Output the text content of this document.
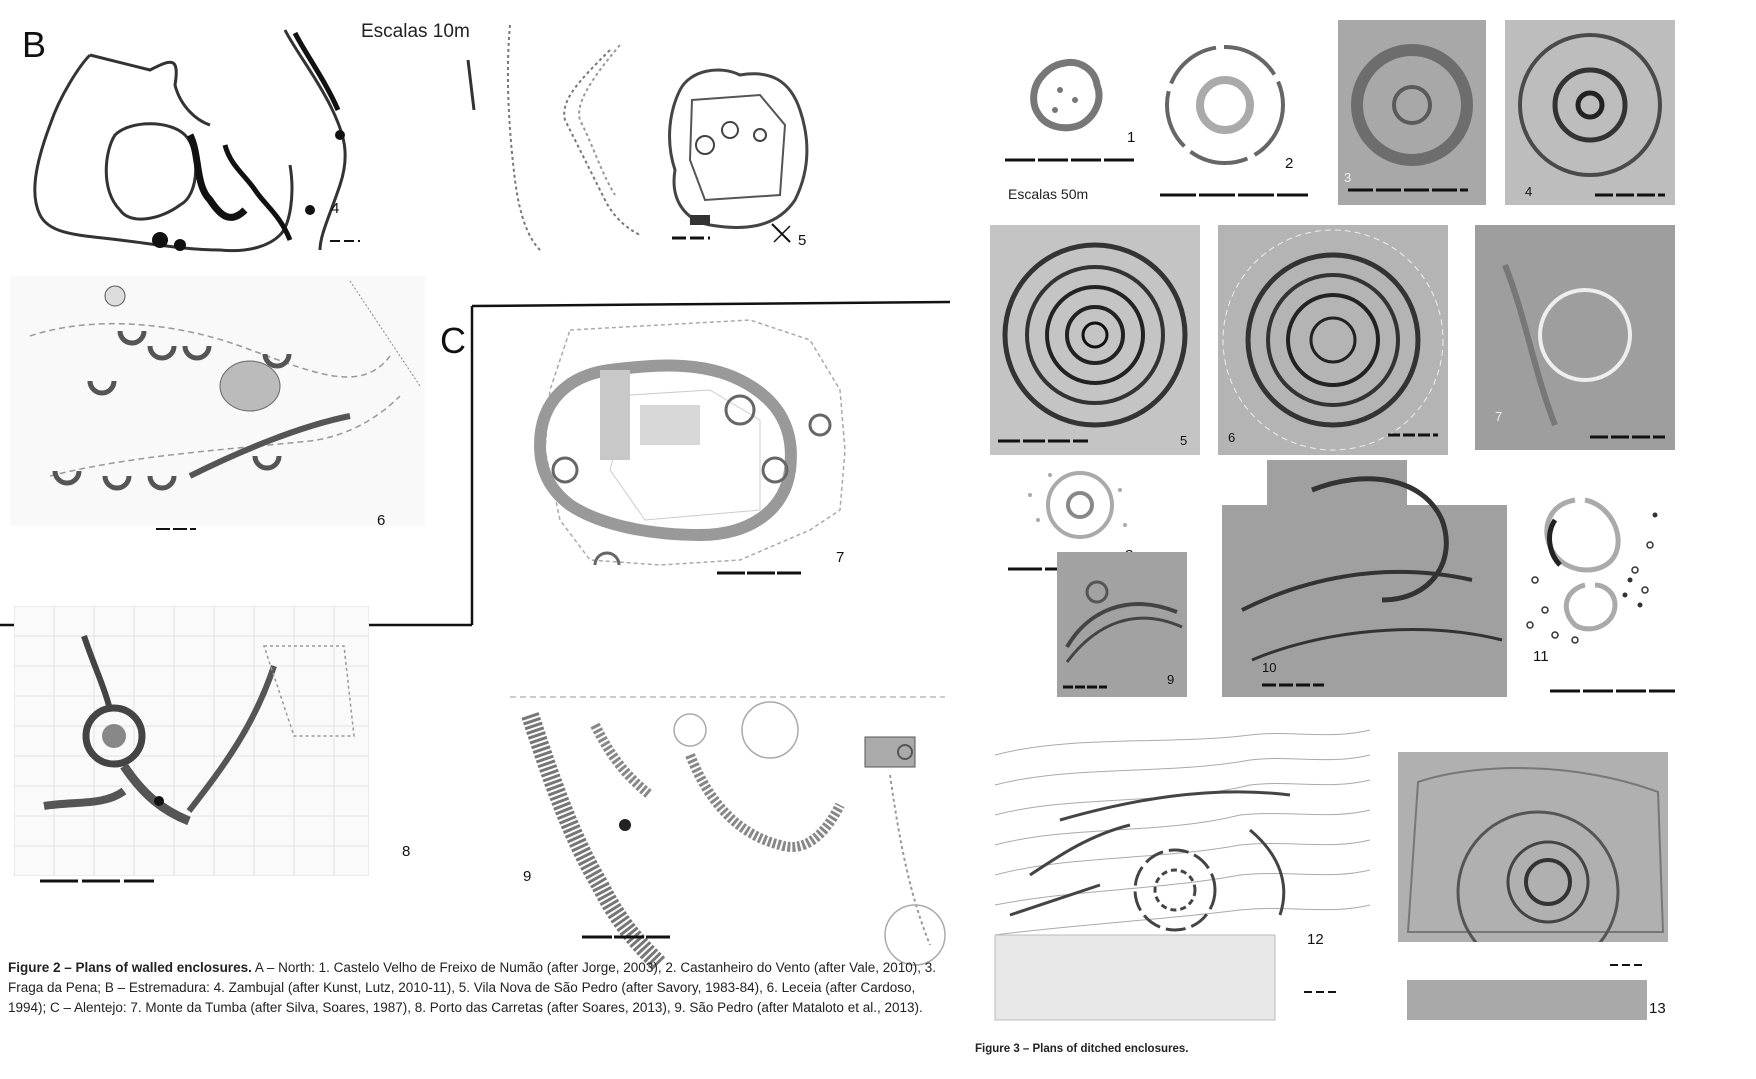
B	Escalas 10m
4
5
6
C
7
8
9
Figure 2 – Plans of walled enclosures. A – North: 1. Castelo Velho de Freixo de Numão (after Jorge, 2003), 2. Castanheiro do Vento (after Vale, 2010), 3. Fraga da Pena; B – Estremadura: 4. Zambujal (after Kunst, Lutz, 2010-11), 5. Vila Nova de São Pedro (after Savory, 1983-84), 6. Leceia (after Cardoso, 1994); C – Alentejo: 7. Monte da Tumba (after Silva, Soares, 1987), 8. Porto das Carretas (after Soares, 2013), 9. São Pedro (after Mataloto et al., 2013).
1
Escalas 50m
2
3
4
5	6
7
9
10
11
12
13
Figure 3 – Plans of ditched enclosures.
